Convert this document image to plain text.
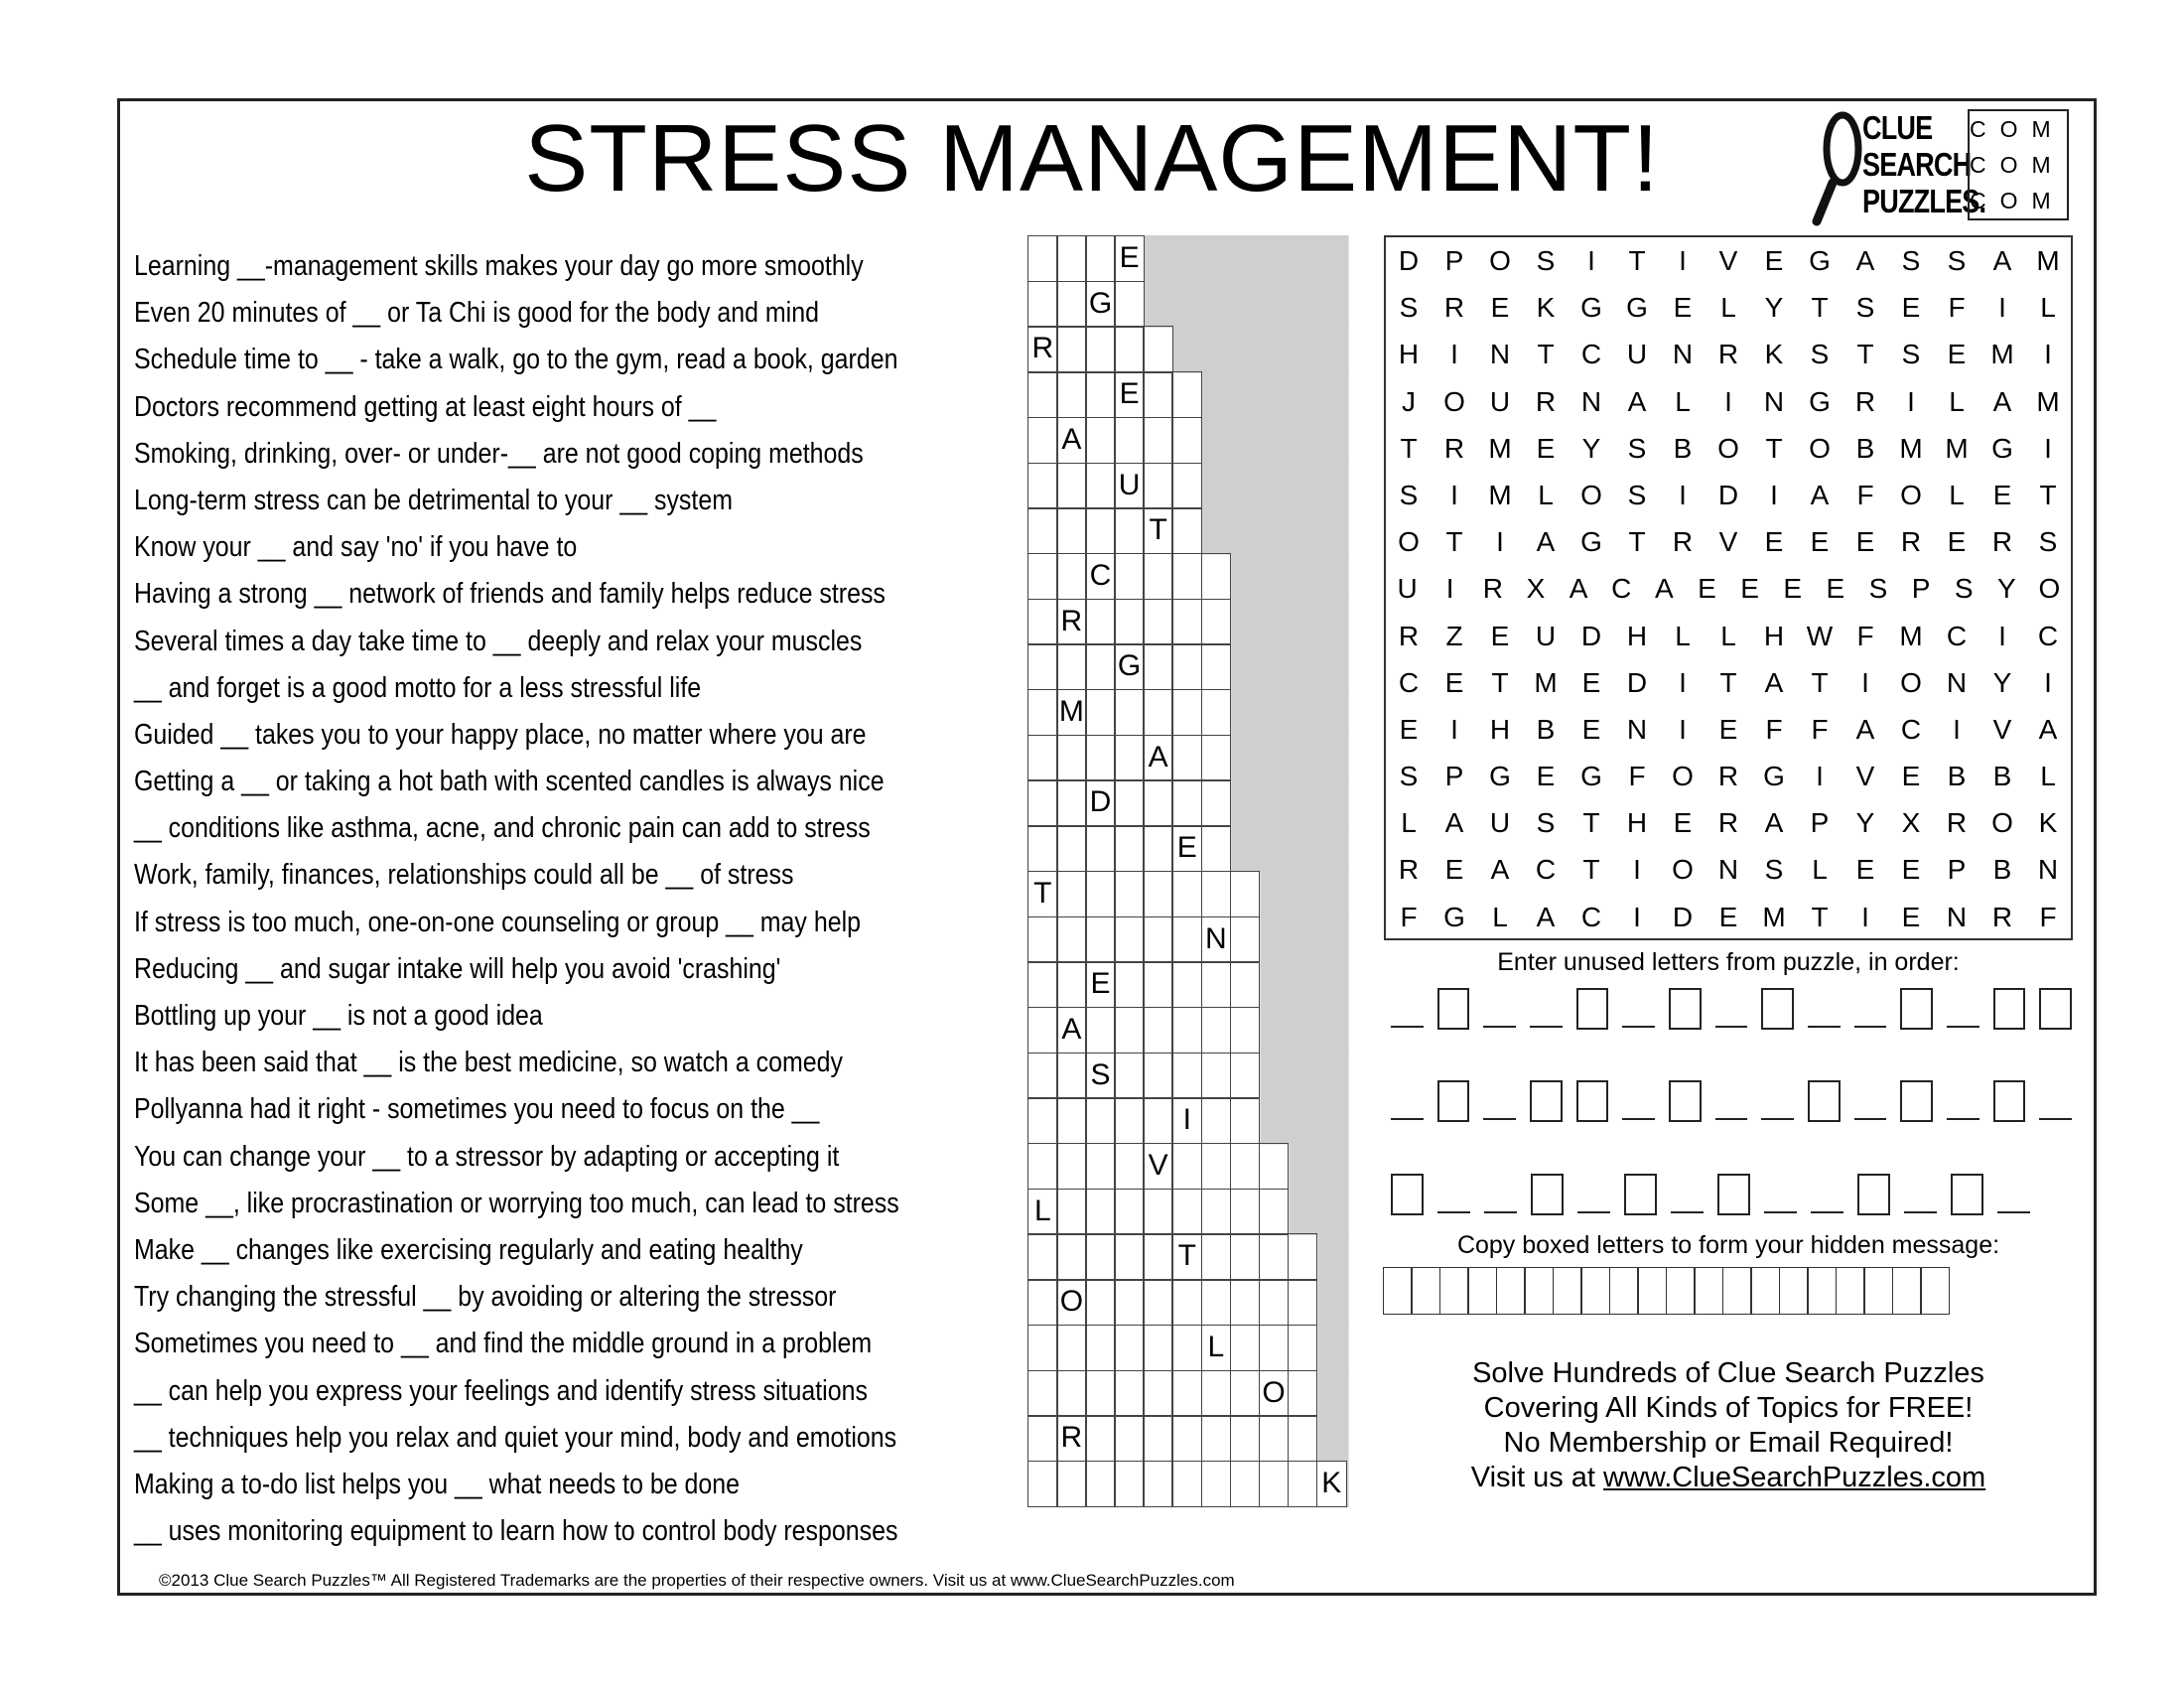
STRESS MANAGEMENT!	CLUE
SEARCH
PUZZLES.
COM
COM
COM
Learning __-management skills makes your day go more smoothly
Even 20 minutes of __ or Ta Chi is good for the body and mind
Schedule time to __ - take a walk, go to the gym, read a book, garden
Doctors recommend getting at least eight hours of __
Smoking, drinking, over- or under-__ are not good coping methods
Long-term stress can be detrimental to your __ system
Know your __ and say 'no' if you have to
Having a strong __ network of friends and family helps reduce stress
Several times a day take time to __ deeply and relax your muscles
__ and forget is a good motto for a less stressful life
Guided __ takes you to your happy place, no matter where you are
Getting a __ or taking a hot bath with scented candles is always nice
__ conditions like asthma, acne, and chronic pain can add to stress
Work, family, finances, relationships could all be __ of stress
If stress is too much, one-on-one counseling or group __ may help
Reducing __ and sugar intake will help you avoid 'crashing'
Bottling up your __ is not a good idea
It has been said that __ is the best medicine, so watch a comedy
Pollyanna had it right - sometimes you need to focus on the __
You can change your __ to a stressor by adapting or accepting it
Some __, like procrastination or worrying too much, can lead to stress
Make __ changes like exercising regularly and eating healthy
Try changing the stressful __ by avoiding or altering the stressor
Sometimes you need to __ and find the middle ground in a problem
__ can help you express your feelings and identify stress situations
__ techniques help you relax and quiet your mind, body and emotions
Making a to-do list helps you __ what needs to be done
__ uses monitoring equipment to learn how to control body responses
E
G
R
E
A
U
T
C
R
G
M
A
D
E
T
N
E
A
S
I
V
L
T
O
L
O
R
K
D P O S	I	T	I	V E G A S S A M
S R E K G G E	L	Y	T	S E	F	I	L
H	I	N T C U N R K S	T	S E M	I
J	O U R N A	L	I	N G R	I	L	A M
T R M E Y S B O T O B M M G	I
S	I	M L O S	I	D	I	A	F O L	E	T
O T	I	A G T R V E E E R E R S
U	I	R X A C A E E E E S P S Y O
R Z	E U D H	L	L	H W F M C	I	C
C E	T M E D	I	T	A	T	I	O N Y	I
E	I	H B E N	I	E	F	F	A C	I	V A
S P G E G F O R G	I	V E B B	L
L	A U S	T H E R A P Y X R O K
R E A C T	I	O N S	L	E E P B N
F G L	A C	I	D E M T	I	E N R F
Enter unused letters from puzzle, in order:
Copy boxed letters to form your hidden message:
Solve Hundreds of Clue Search Puzzles
Covering All Kinds of Topics for FREE!
No Membership or Email Required!
Visit us at www.ClueSearchPuzzles.com
©2013 Clue Search Puzzles™ All Registered Trademarks are the properties of their respective owners. Visit us at www.ClueSearchPuzzles.com
